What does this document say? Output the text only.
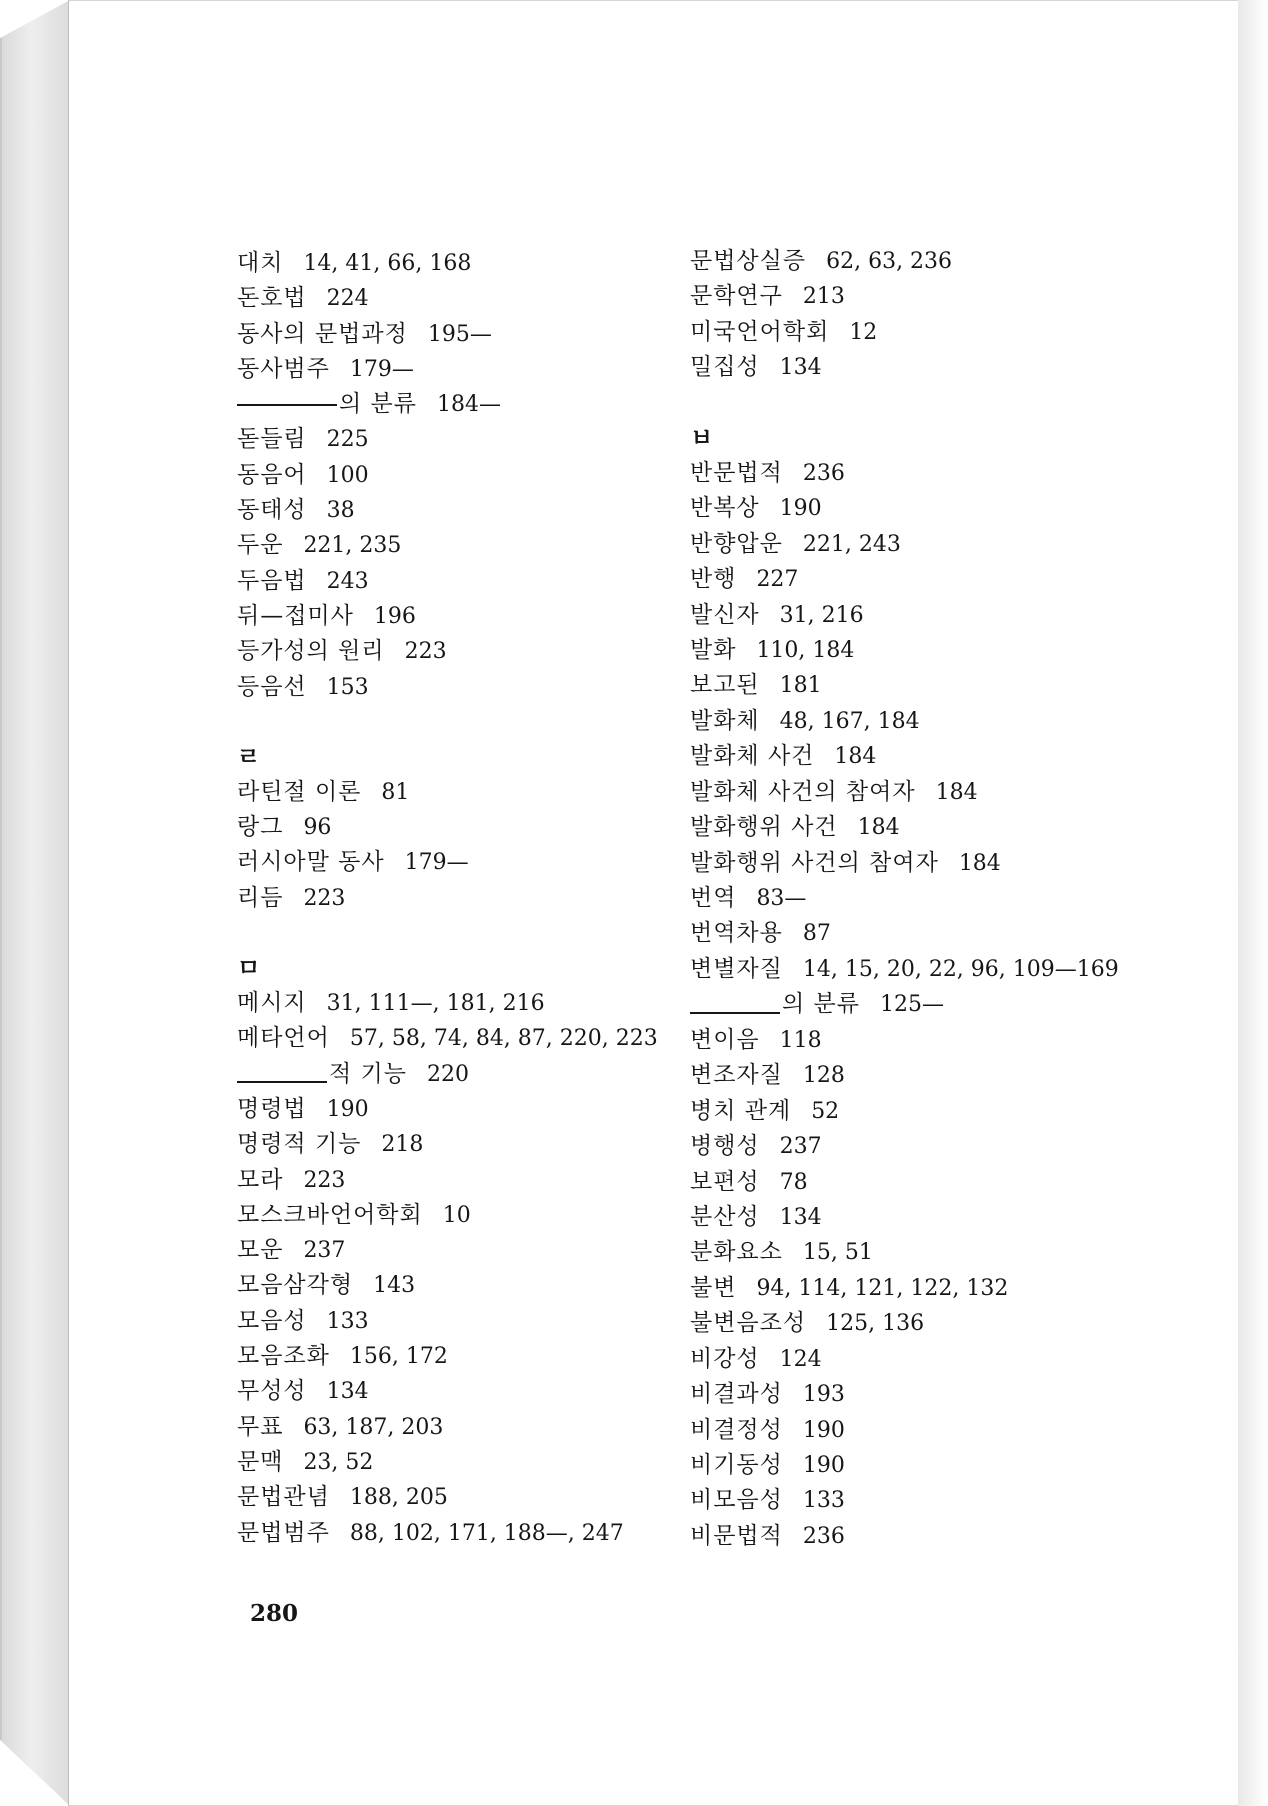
대치 14, 41, 66, 168
돈호법 224
동사의 문법과정 195—
동사범주 179—
의 분류 184—
돋들림 225
동음어 100
동태성 38
두운 221, 235
두음법 243
뒤—접미사 196
등가성의 원리 223
등음선 153
ㄹ
라틴절 이론 81
랑그 96
러시아말 동사 179—
리듬 223
ㅁ
메시지 31, 111—, 181, 216
메타언어 57, 58, 74, 84, 87, 220, 223
적 기능 220
명령법 190
명령적 기능 218
모라 223
모스크바언어학회 10
모운 237
모음삼각형 143
모음성 133
모음조화 156, 172
무성성 134
무표 63, 187, 203
문맥 23, 52
문법관념 188, 205
문법범주 88, 102, 171, 188—, 247
문법상실증 62, 63, 236
문학연구 213
미국언어학회 12
밀집성 134
ㅂ
반문법적 236
반복상 190
반향압운 221, 243
반행 227
발신자 31, 216
발화 110, 184
보고된 181
발화체 48, 167, 184
발화체 사건 184
발화체 사건의 참여자 184
발화행위 사건 184
발화행위 사건의 참여자 184
번역 83—
번역차용 87
변별자질 14, 15, 20, 22, 96, 109—169
의 분류 125—
변이음 118
변조자질 128
병치 관계 52
병행성 237
보편성 78
분산성 134
분화요소 15, 51
불변 94, 114, 121, 122, 132
불변음조성 125, 136
비강성 124
비결과성 193
비결정성 190
비기동성 190
비모음성 133
비문법적 236
280
